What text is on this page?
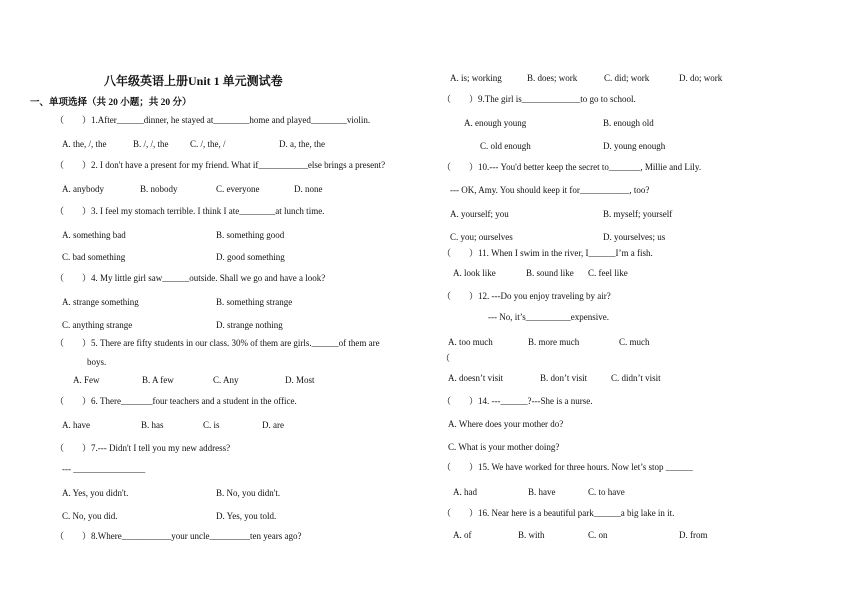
八年级英语上册Unit 1 单元测试卷
一、单项选择（共 20 小题；共 20 分）
（　　）1.After______dinner, he stayed at________home and played________violin.
A. the, /, the	B. /, /, the C. /, the, /	D. a, the, the
（　　）2. I don't have a present for my friend. What if___________else brings a present?
A. anybody	B. nobody	C. everyone	D. none
（　　）3. I feel my stomach terrible. I think I ate________at lunch time.
A. something bad	B. something good
C. bad something	D. good something
（　　）4. My little girl saw______outside. Shall we go and have a look?
A. strange something	B. something strange
C. anything strange	D. strange nothing
（　　）5. There are fifty students in our class. 30% of them are girls.______of them are
boys.
A. Few	B. A few	C. Any	D. Most
（　　）6. There_______four teachers and a student in the office.
A. have	B. has	C. is	D. are
（　　）7.--- Didn't I tell you my new address?
--- ________________
A. Yes, you didn't.	B. No, you didn't.
C. No, you did.	D. Yes, you told.
（　　）8.Where___________your uncle_________ten years ago?
A. is; working	B. does; work	C. did; work	D. do; work
（　　）9.The girl is_____________to go to school.
A. enough young	B. enough old
C. old enough	D. young enough
（　　）10.--- You'd better keep the secret to_______, Millie and Lily.
--- OK, Amy. You should keep it for___________, too?
A. yourself; you	B. myself; yourself
C. you; ourselves	D. yourselves; us
（　　）11. When I swim in the river, I______I’m a fish.
A. look like	B. sound like C. feel like
（　　）12. ---Do you enjoy traveling by air?
--- No, it’s__________expensive.
A. too much	B. more much	C. much
（
A. doesn’t visit	B. don’t visit	C. didn’t visit
（　　）14. ---______?---She is a nurse.
A. Where does your mother do?
C. What is your mother doing?
（　　）15. We have worked for three hours. Now let’s stop ______
A. had	B. have	C. to have
（　　）16. Near here is a beautiful park______a big lake in it.
A. of	B. with	C. on	D. from
